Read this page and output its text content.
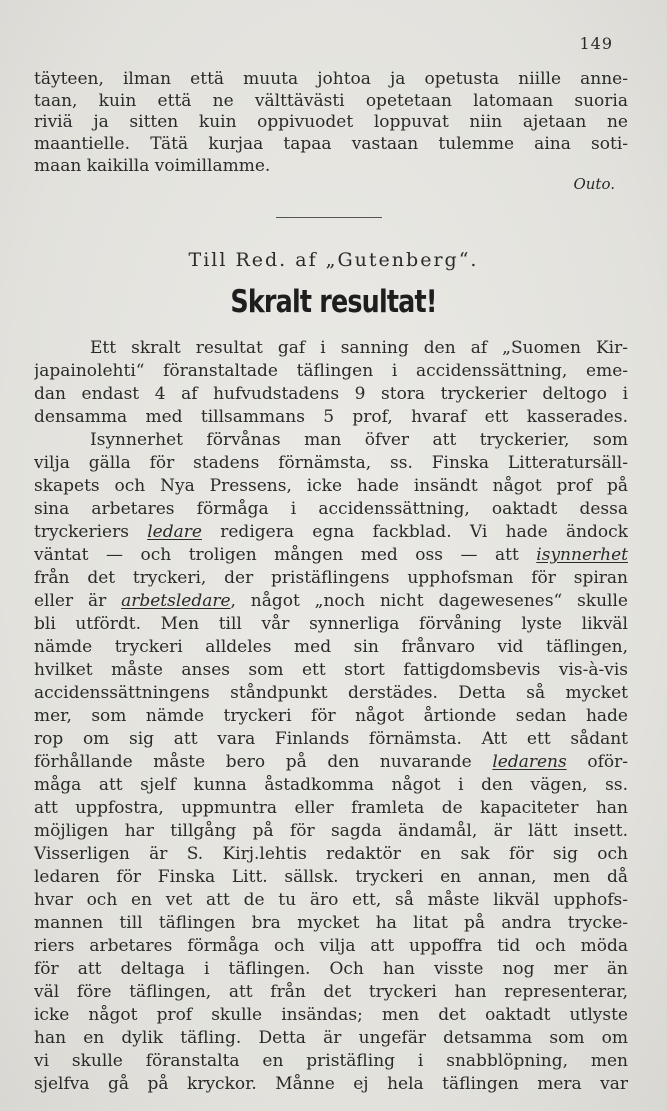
149
täyteen, ilman että muuta johtoa ja opetusta niille anne-
taan, kuin että ne välttävästi opetetaan latomaan suoria
riviä ja sitten kuin oppivuodet loppuvat niin ajetaan ne
maantielle. Tätä kurjaa tapaa vastaan tulemme aina soti-
maan kaikilla voimillamme.
Outo.
Till Red. af „Gutenberg“.
Skralt resultat!
Ett skralt resultat gaf i sanning den af „Suomen Kir-
japainolehti“ föranstaltade täflingen i accidenssättning, eme-
dan endast 4 af hufvudstadens 9 stora tryckerier deltogo i
densamma med tillsammans 5 prof, hvaraf ett kasserades.
Isynnerhet förvånas man öfver att tryckerier, som
vilja gälla för stadens förnämsta, ss. Finska Litteratursäll-
skapets och Nya Pressens, icke hade insändt något prof på
sina arbetares förmåga i accidenssättning, oaktadt dessa
tryckeriers ledare redigera egna fackblad. Vi hade ändock
väntat — och troligen mången med oss — att isynnerhet
från det tryckeri, der pristäflingens upphofsman för spiran
eller är arbetsledare, något „noch nicht dagewesenes“ skulle
bli utfördt. Men till vår synnerliga förvåning lyste likväl
nämde tryckeri alldeles med sin frånvaro vid täflingen,
hvilket måste anses som ett stort fattigdomsbevis vis-à-vis
accidenssättningens ståndpunkt derstädes. Detta så mycket
mer, som nämde tryckeri för något årtionde sedan hade
rop om sig att vara Finlands förnämsta. Att ett sådant
förhållande måste bero på den nuvarande ledarens oför-
måga att sjelf kunna åstadkomma något i den vägen, ss.
att uppfostra, uppmuntra eller framleta de kapaciteter han
möjligen har tillgång på för sagda ändamål, är lätt insett.
Visserligen är S. Kirj.lehtis redaktör en sak för sig och
ledaren för Finska Litt. sällsk. tryckeri en annan, men då
hvar och en vet att de tu äro ett, så måste likväl upphofs-
mannen till täflingen bra mycket ha litat på andra trycke-
riers arbetares förmåga och vilja att uppoffra tid och möda
för att deltaga i täflingen. Och han visste nog mer än
väl före täflingen, att från det tryckeri han representerar,
icke något prof skulle insändas; men det oaktadt utlyste
han en dylik täfling. Detta är ungefär detsamma som om
vi skulle föranstalta en pristäfling i snabblöpning, men
sjelfva gå på kryckor. Månne ej hela täflingen mera var
